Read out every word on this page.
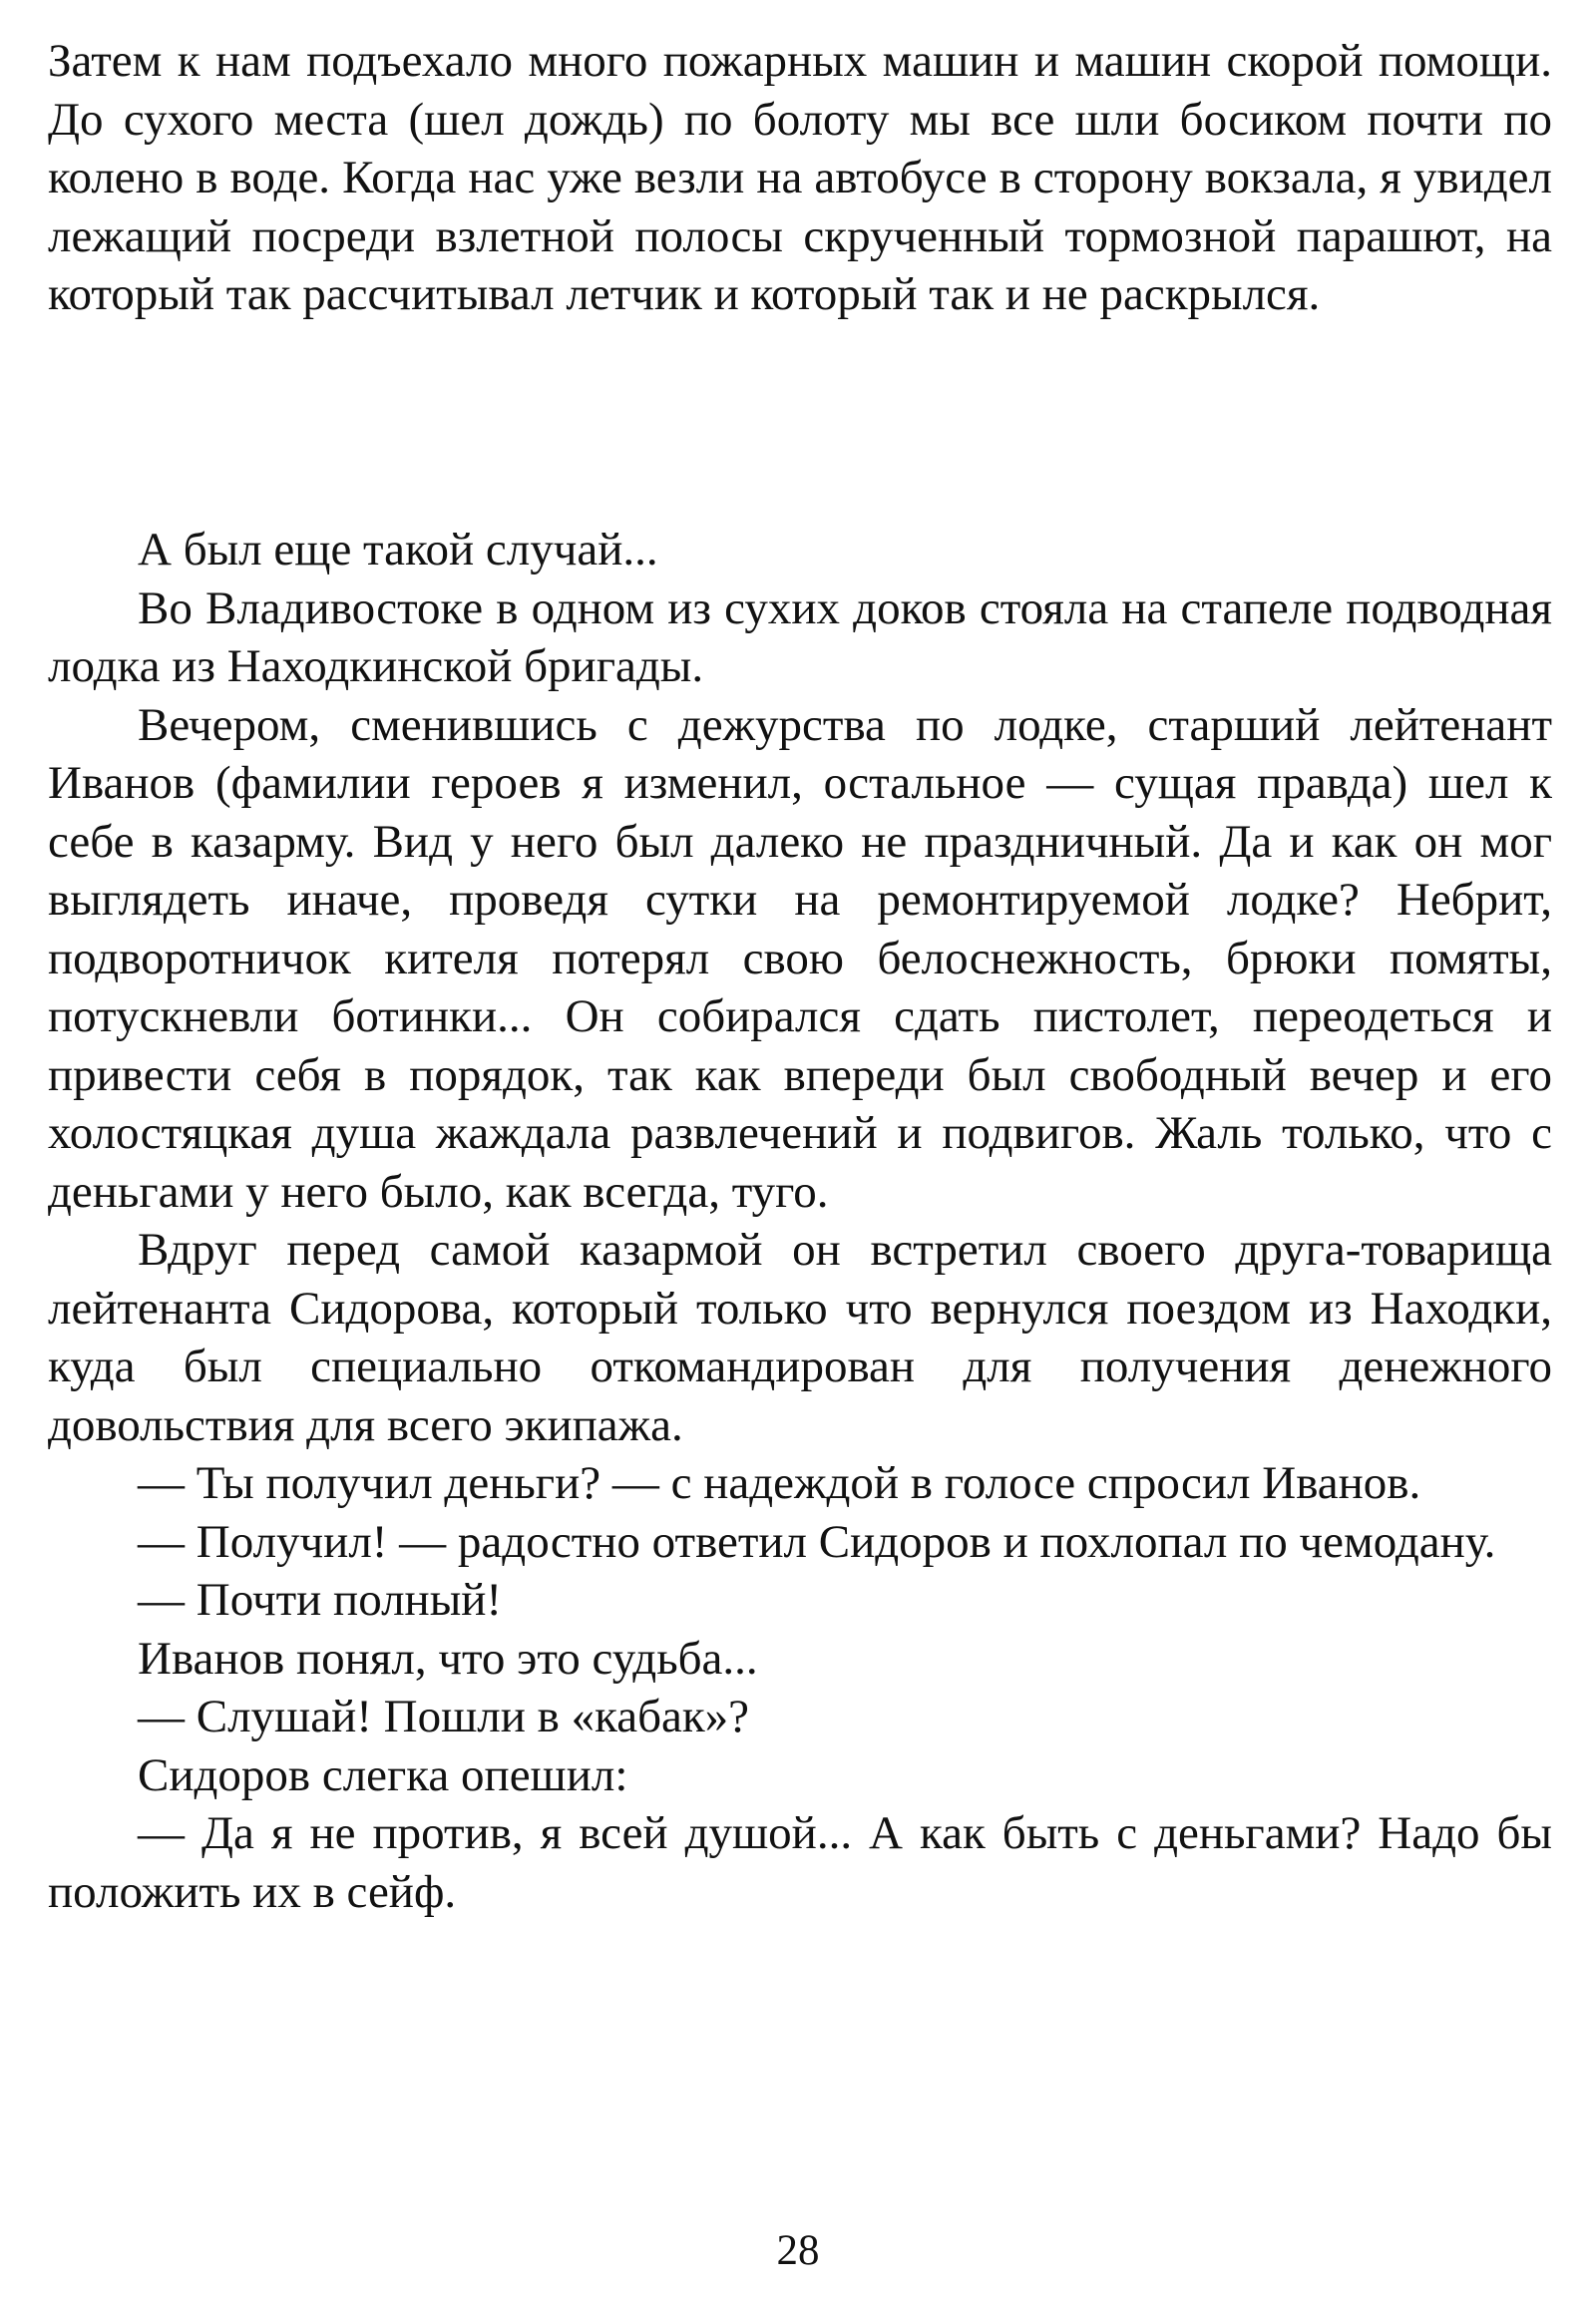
Затем к нам подъехало много пожарных машин и машин скорой помощи. До сухого места (шел дождь) по болоту мы все шли босиком почти по колено в воде. Когда нас уже везли на автобусе в сторону вокзала, я увидел лежащий посреди взлетной полосы скрученный тормозной парашют, на который так рассчитывал летчик и который так и не раскрылся.

А был еще такой случай...

Во Владивостоке в одном из сухих доков стояла на стапеле подводная лодка из Находкинской бригады.

Вечером, сменившись с дежурства по лодке, старший лейтенант Иванов (фамилии героев я изменил, остальное — сущая правда) шел к себе в казарму. Вид у него был далеко не праздничный. Да и как он мог выглядеть иначе, проведя сутки на ремонтируемой лодке? Небрит, подворотничок кителя потерял свою белоснежность, брюки помяты, потускневли ботинки... Он собирался сдать пистолет, переодеться и привести себя в порядок, так как впереди был свободный вечер и его холостяцкая душа жаждала развлечений и подвигов. Жаль только, что с деньгами у него было, как всегда, туго.

Вдруг перед самой казармой он встретил своего друга-товарища лейтенанта Сидорова, который только что вернулся поездом из Находки, куда был специально откомандирован для получения денежного довольствия для всего экипажа.

— Ты получил деньги? — с надеждой в голосе спросил Иванов.

— Получил! — радостно ответил Сидоров и похлопал по чемодану.

— Почти полный!

Иванов понял, что это судьба...

— Слушай! Пошли в «кабак»?

Сидоров слегка опешил:

— Да я не против, я всей душой... А как быть с деньгами? Надо бы положить их в сейф.

28
